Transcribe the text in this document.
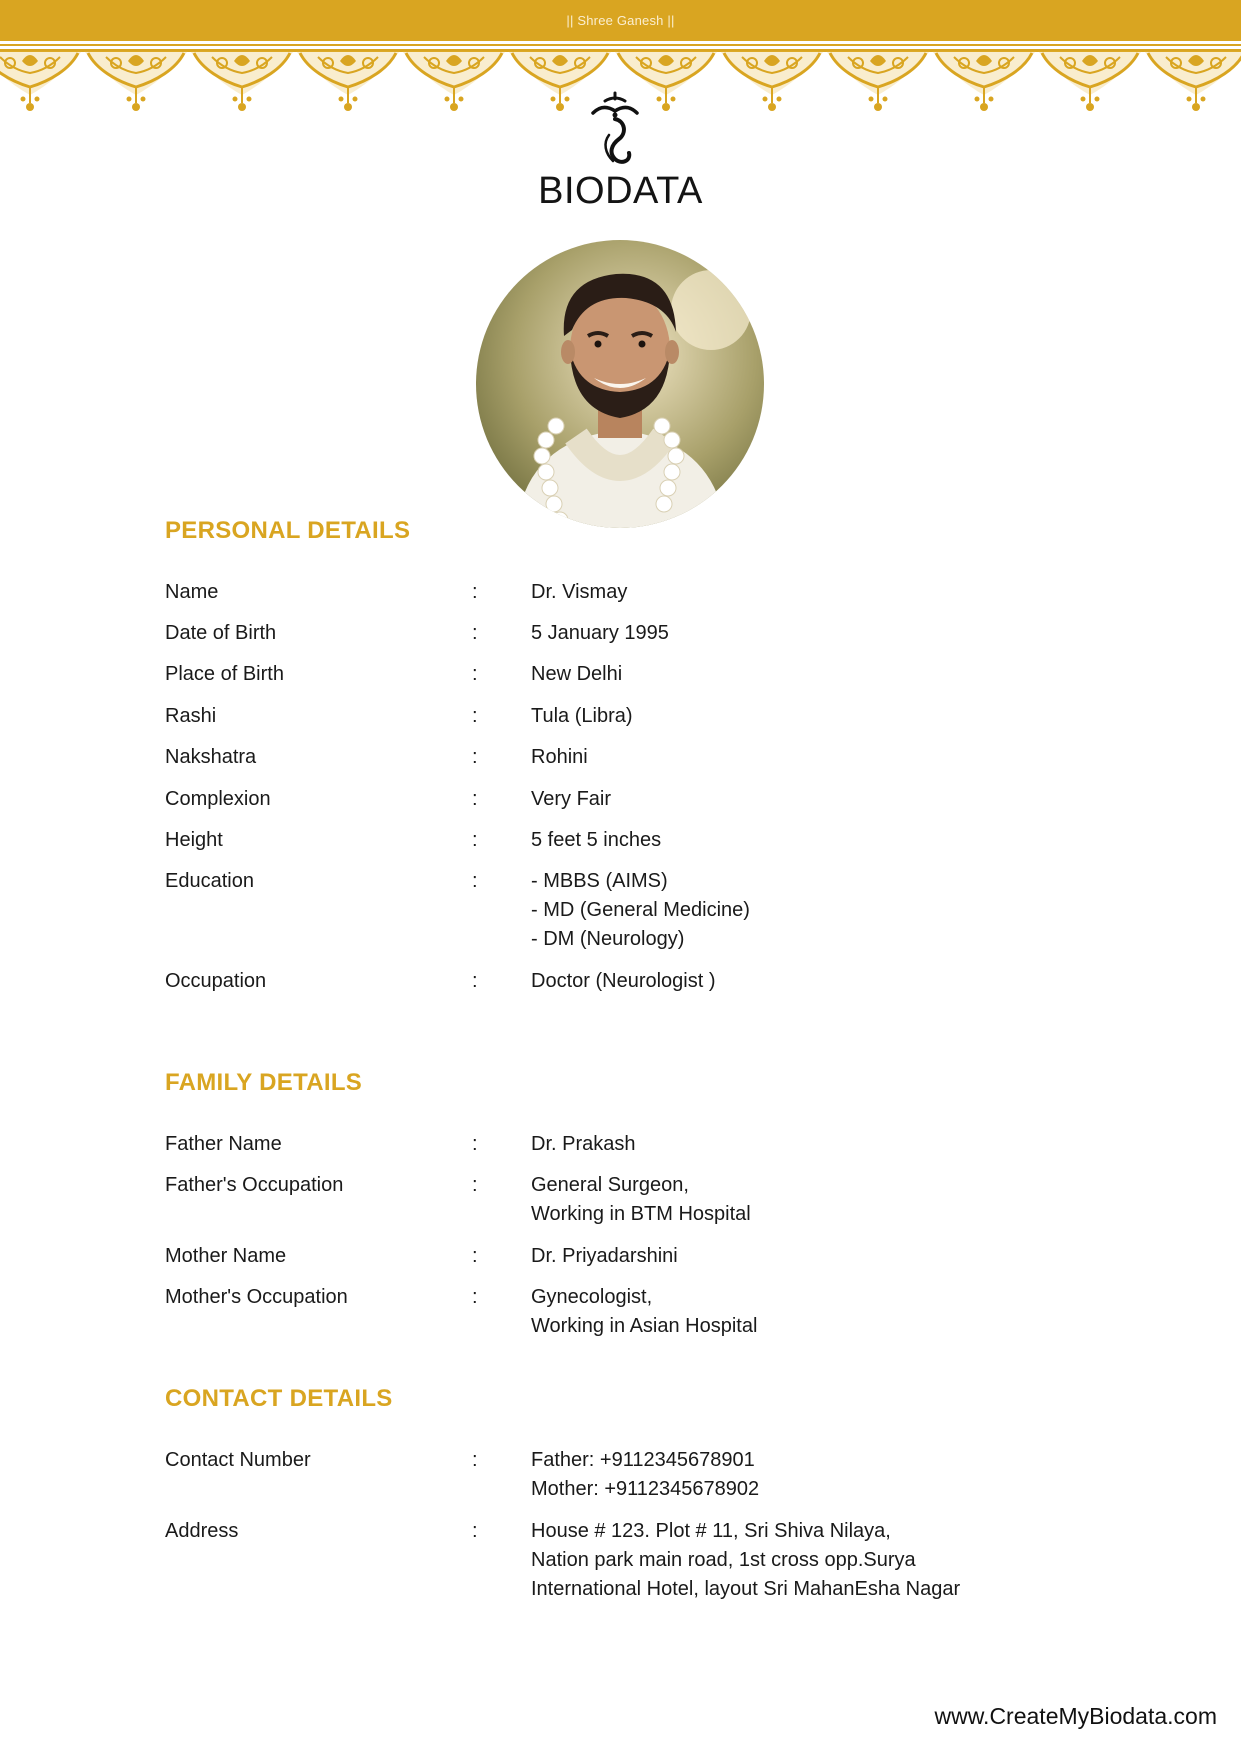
|| Shree Ganesh ||
BIODATA
PERSONAL DETAILS
Name	:	Dr. Vismay
Date of Birth	:	5 January 1995
Place of Birth	:	New Delhi
Rashi	:	Tula (Libra)
Nakshatra	:	Rohini
Complexion	:	Very Fair
Height	:	5 feet 5 inches
Education	:	- MBBS (AIMS)
- MD (General Medicine)
- DM (Neurology)
Occupation	:	Doctor (Neurologist )
FAMILY DETAILS
Father Name	:	Dr. Prakash
Father's Occupation	:	General Surgeon,
Working in BTM Hospital
Mother Name	:	Dr. Priyadarshini
Mother's Occupation	:	Gynecologist,
Working in Asian Hospital
CONTACT DETAILS
Contact Number	:	Father: +9112345678901
Mother: +9112345678902
Address	:	House # 123. Plot # 11, Sri Shiva Nilaya,
Nation park main road, 1st cross opp.Surya
International Hotel, layout Sri MahanEsha Nagar
www.CreateMyBiodata.com
